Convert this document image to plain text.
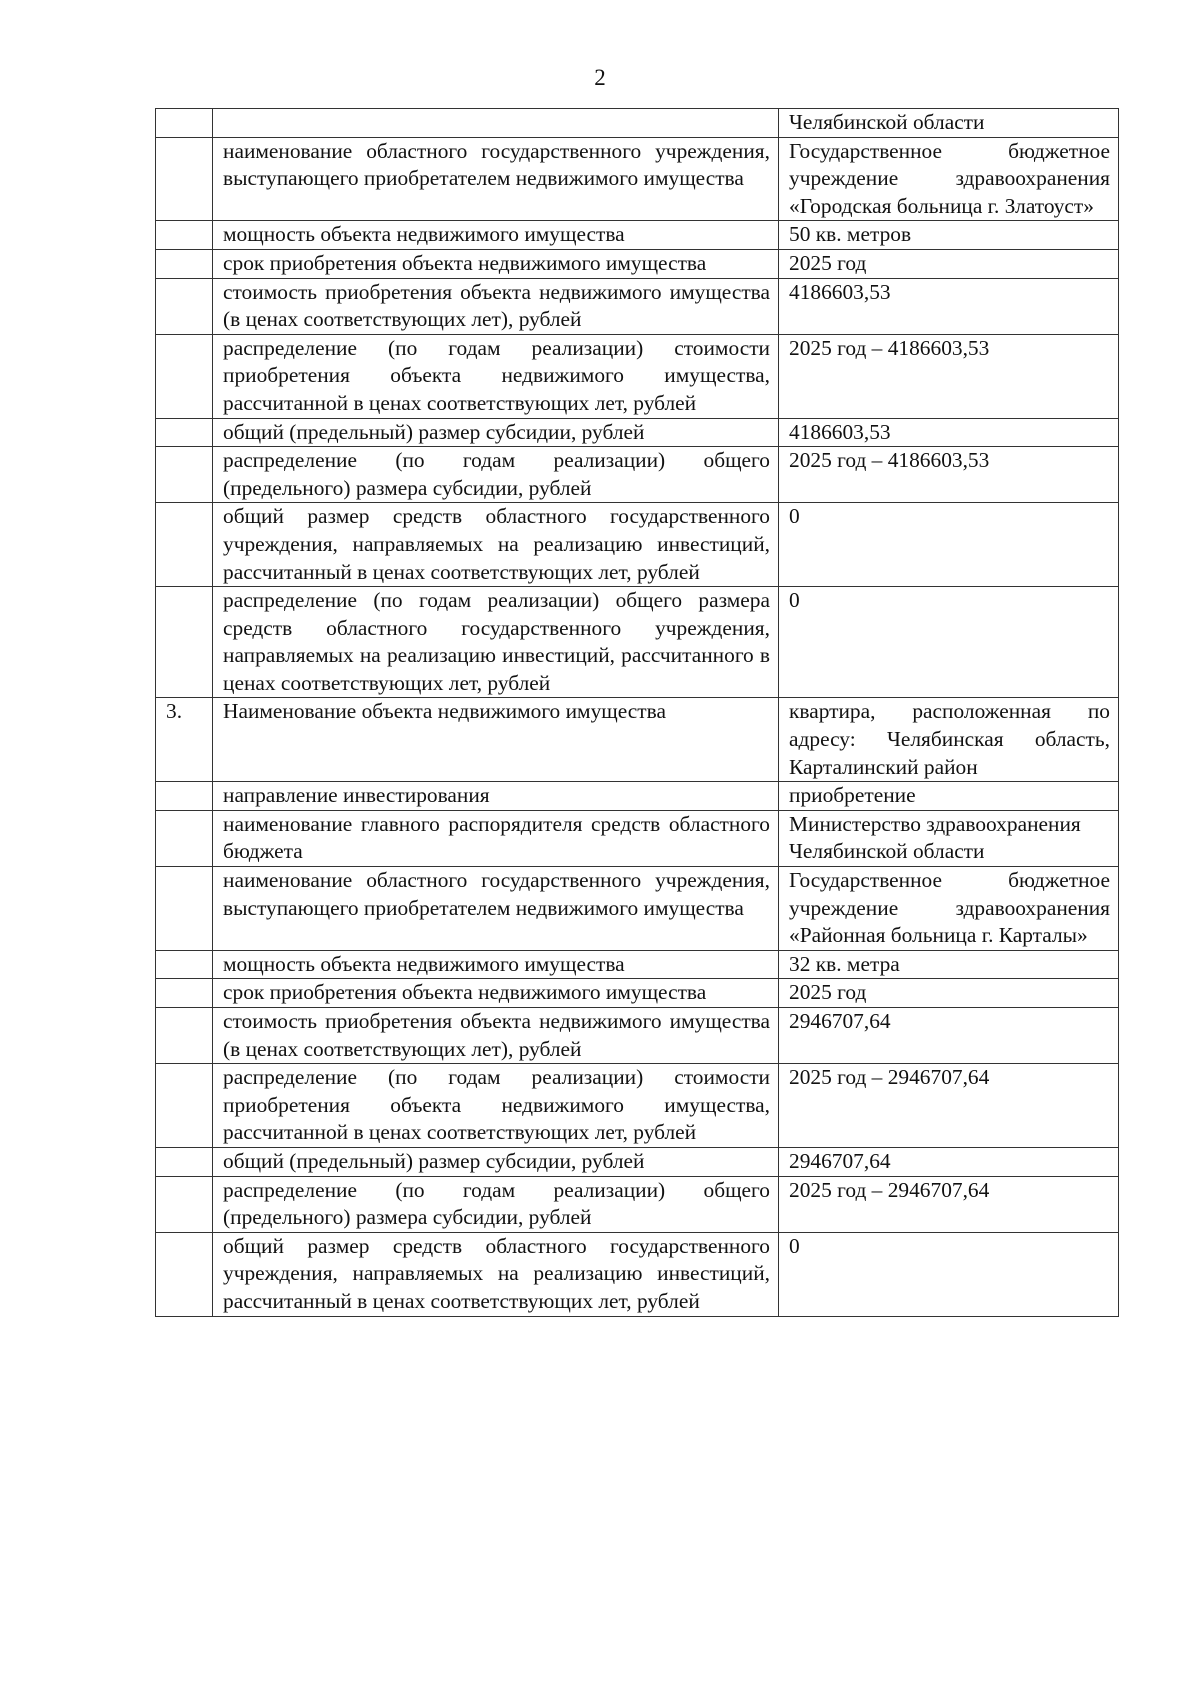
2
		Челябинской области
	наименование областного государственного учреждения, выступающего приобретателем недвижимого имущества	Государственное бюджетное учреждение здравоохранения «Городская больница г. Златоуст»
	мощность объекта недвижимого имущества	50 кв. метров
	срок приобретения объекта недвижимого имущества	2025 год
	стоимость приобретения объекта недвижимого имущества (в ценах соответствующих лет), рублей	4186603,53
	распределение (по годам реализации) стоимости приобретения объекта недвижимого имущества, рассчитанной в ценах соответствующих лет, рублей	2025 год – 4186603,53
	общий (предельный) размер субсидии, рублей	4186603,53
	распределение (по годам реализации) общего (предельного) размера субсидии, рублей	2025 год – 4186603,53
	общий размер средств областного государственного учреждения, направляемых на реализацию инвестиций, рассчитанный в ценах соответствующих лет, рублей	0
	распределение (по годам реализации) общего размера средств областного государственного учреждения, направляемых на реализацию инвестиций, рассчитанного в ценах соответствующих лет, рублей	0
3.	Наименование объекта недвижимого имущества	квартира, расположенная по адресу: Челябинская область, Карталинский район
	направление инвестирования	приобретение
	наименование главного распорядителя средств областного бюджета	Министерство здравоохранения Челябинской области
	наименование областного государственного учреждения, выступающего приобретателем недвижимого имущества	Государственное бюджетное учреждение здравоохранения «Районная больница г. Карталы»
	мощность объекта недвижимого имущества	32 кв. метра
	срок приобретения объекта недвижимого имущества	2025 год
	стоимость приобретения объекта недвижимого имущества (в ценах соответствующих лет), рублей	2946707,64
	распределение (по годам реализации) стоимости приобретения объекта недвижимого имущества, рассчитанной в ценах соответствующих лет, рублей	2025 год – 2946707,64
	общий (предельный) размер субсидии, рублей	2946707,64
	распределение (по годам реализации) общего (предельного) размера субсидии, рублей	2025 год – 2946707,64
	общий размер средств областного государственного учреждения, направляемых на реализацию инвестиций, рассчитанный в ценах соответствующих лет, рублей	0
